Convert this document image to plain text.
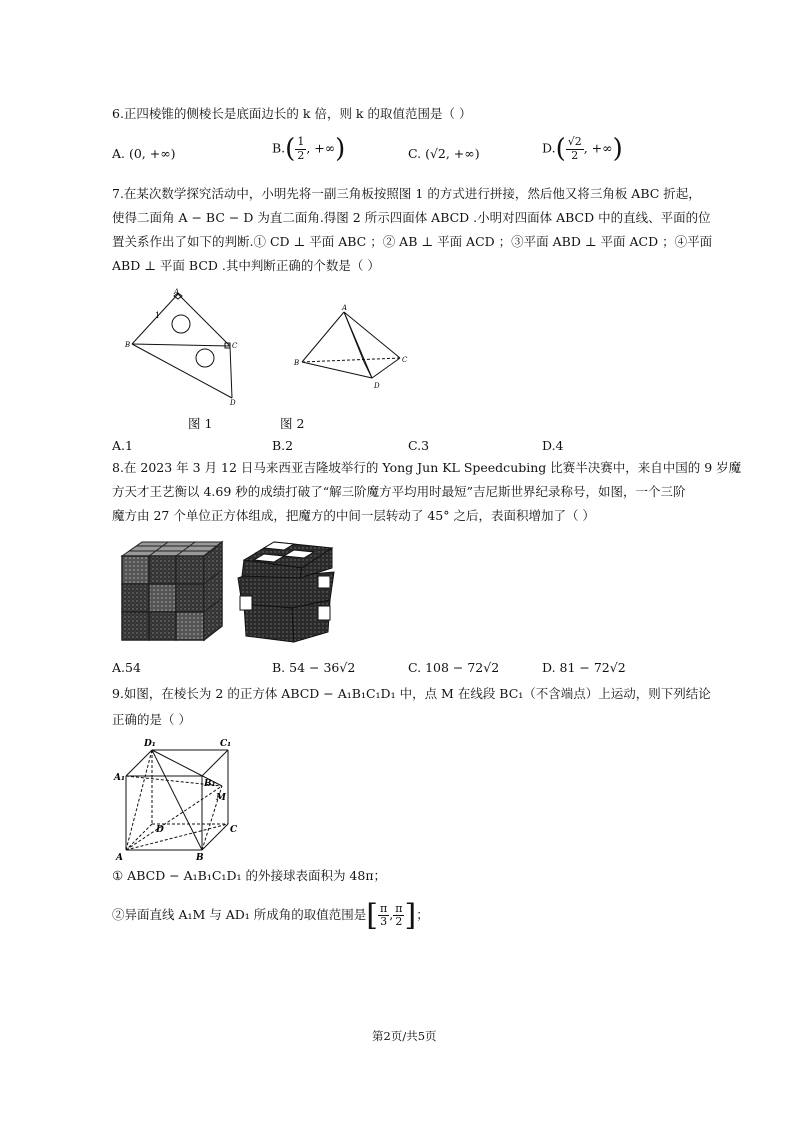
6.正四棱锥的侧棱长是底面边长的 k 倍，则 k 的取值范围是（ ）
A. (0, +∞)	$B.( \frac{1}{2}$ , +∞)	C. (√2, +∞)	$D.( \frac{√2}{2}$ , +∞)
7.在某次数学探究活动中，小明先将一副三角板按照图 1 的方式进行拼接，然后他又将三角板 ABC 折起，
使得二面角 A − BC − D 为直二面角.得图 2 所示四面体 ABCD .小明对四面体 ABCD 中的直线、平面的位
置关系作出了如下的判断.① CD ⊥ 平面 ABC ；② AB ⊥ 平面 ACD ；③平面 ABD ⊥ 平面 ACD ；④平面
ABD ⊥ 平面 BCD .其中判断正确的个数是（ ）
A
B	C
D
1
A
B	C
D
图 1	图 2
A.1	B.2	C.3	D.4
8.在 2023 年 3 月 12 日马来西亚吉隆坡举行的 Yong Jun KL Speedcubing 比赛半决赛中，来自中国的 9 岁魔
方天才王艺衡以 4.69 秒的成绩打破了“解三阶魔方平均用时最短”吉尼斯世界纪录称号，如图，一个三阶
魔方由 27 个单位正方体组成，把魔方的中间一层转动了 45° 之后，表面积增加了（ ）
A.54	B. 54 − 36√2	C. 108 − 72√2	D. 81 − 72√2
9.如图，在棱长为 2 的正方体 ABCD − A₁B₁C₁D₁ 中，点 M 在线段 BC₁（不含端点）上运动，则下列结论
正确的是（ ）
A	B
C
D
A₁
B₁
C₁
D₁
M
① ABCD − A₁B₁C₁D₁ 的外接球表面积为 48π；
②异面直线 A₁M 与 AD₁ 所成角的取值范围是[ $\frac{\pi}{3}$ , $\frac{\pi}{2}$ ]；
第2页/共5页
